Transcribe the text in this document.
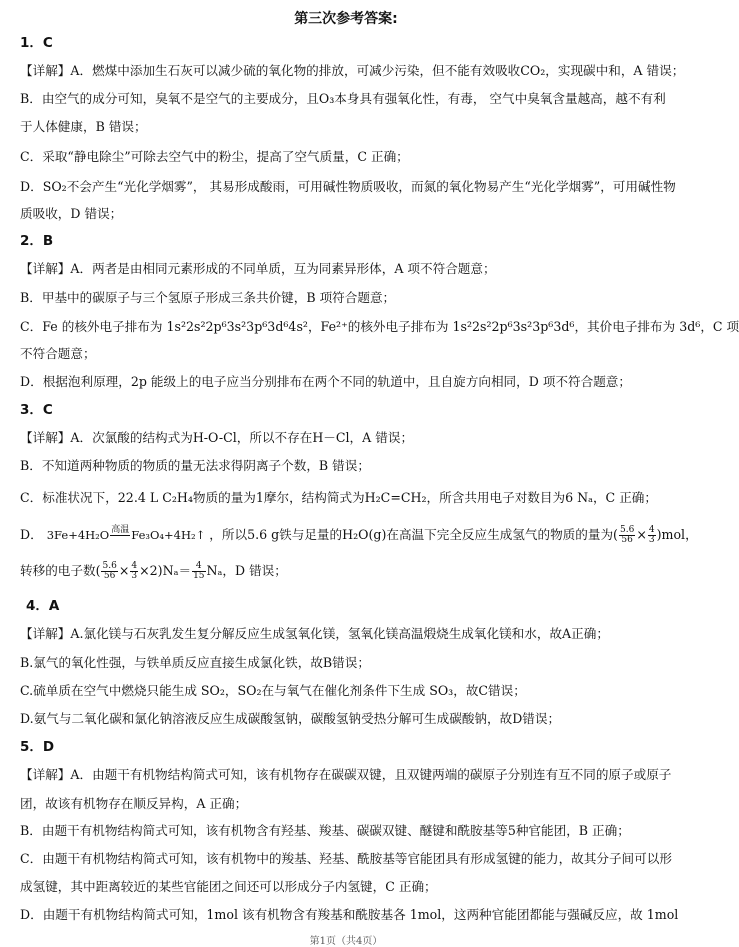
第三次参考答案:
1．C
【详解】A．燃煤中添加生石灰可以减少硫的氧化物的排放，可减少污染，但不能有效吸收CO₂，实现碳中和，A 错误；
B．由空气的成分可知，臭氧不是空气的主要成分，且O₃本身具有强氧化性，有毒， 空气中臭氧含量越高，越不有利
于人体健康，B 错误；
C．采取“静电除尘”可除去空气中的粉尘，提高了空气质量，C 正确；
D．SO₂不会产生“光化学烟雾”， 其易形成酸雨，可用碱性物质吸收，而氮的氧化物易产生“光化学烟雾”，可用碱性物
质吸收，D 错误；
2．B
【详解】A．两者是由相同元素形成的不同单质，互为同素异形体，A 项不符合题意；
B．甲基中的碳原子与三个氢原子形成三条共价键，B 项符合题意；
C．Fe 的核外电子排布为 1s²2s²2p⁶3s²3p⁶3d⁶4s²，Fe²⁺的核外电子排布为 1s²2s²2p⁶3s²3p⁶3d⁶，其价电子排布为 3d⁶，C 项
不符合题意；
D．根据泡利原理，2p 能级上的电子应当分别排布在两个不同的轨道中，且自旋方向相同，D 项不符合题意；
3．C
【详解】A．次氯酸的结构式为H-O-Cl，所以不存在H－Cl，A 错误；
B．不知道两种物质的物质的量无法求得阴离子个数，B 错误；
C．标准状况下，22.4 L C₂H₄物质的量为1摩尔，结构简式为H₂C=CH₂，所含共用电子对数目为6 Nₐ，C 正确；
D． 3Fe+4H₂O 高温
Fe₃O₄+4H₂↑ ，所以5.6 g铁与足量的H₂O(g)在高温下完全反应生成氢气的物质的量为( $\frac{5.6}{56} \times \frac{4}{3} )mol$，
转移的电子数( $\frac{5.6}{56} \times \frac{4}{3} \times 2)N_a= \frac{4}{15}$ Nₐ，D 错误；
4．A
【详解】A.氯化镁与石灰乳发生复分解反应生成氢氧化镁，氢氧化镁高温煅烧生成氧化镁和水，故A正确；
B.氯气的氧化性强，与铁单质反应直接生成氯化铁，故B错误；
C.硫单质在空气中燃烧只能生成 SO₂，SO₂在与氧气在催化剂条件下生成 SO₃，故C错误；
D.氨气与二氧化碳和氯化钠溶液反应生成碳酸氢钠，碳酸氢钠受热分解可生成碳酸钠，故D错误；
5．D
【详解】A．由题干有机物结构简式可知，该有机物存在碳碳双键，且双键两端的碳原子分别连有互不同的原子或原子
团，故该有机物存在顺反异构，A 正确；
B．由题干有机物结构简式可知，该有机物含有羟基、羧基、碳碳双键、醚键和酰胺基等5种官能团，B 正确；
C．由题干有机物结构简式可知，该有机物中的羧基、羟基、酰胺基等官能团具有形成氢键的能力，故其分子间可以形
成氢键，其中距离较近的某些官能团之间还可以形成分子内氢键，C 正确；
D．由题干有机物结构简式可知，1mol 该有机物含有羧基和酰胺基各 1mol，这两种官能团都能与强碱反应，故 1mol
第1页（共4页）
